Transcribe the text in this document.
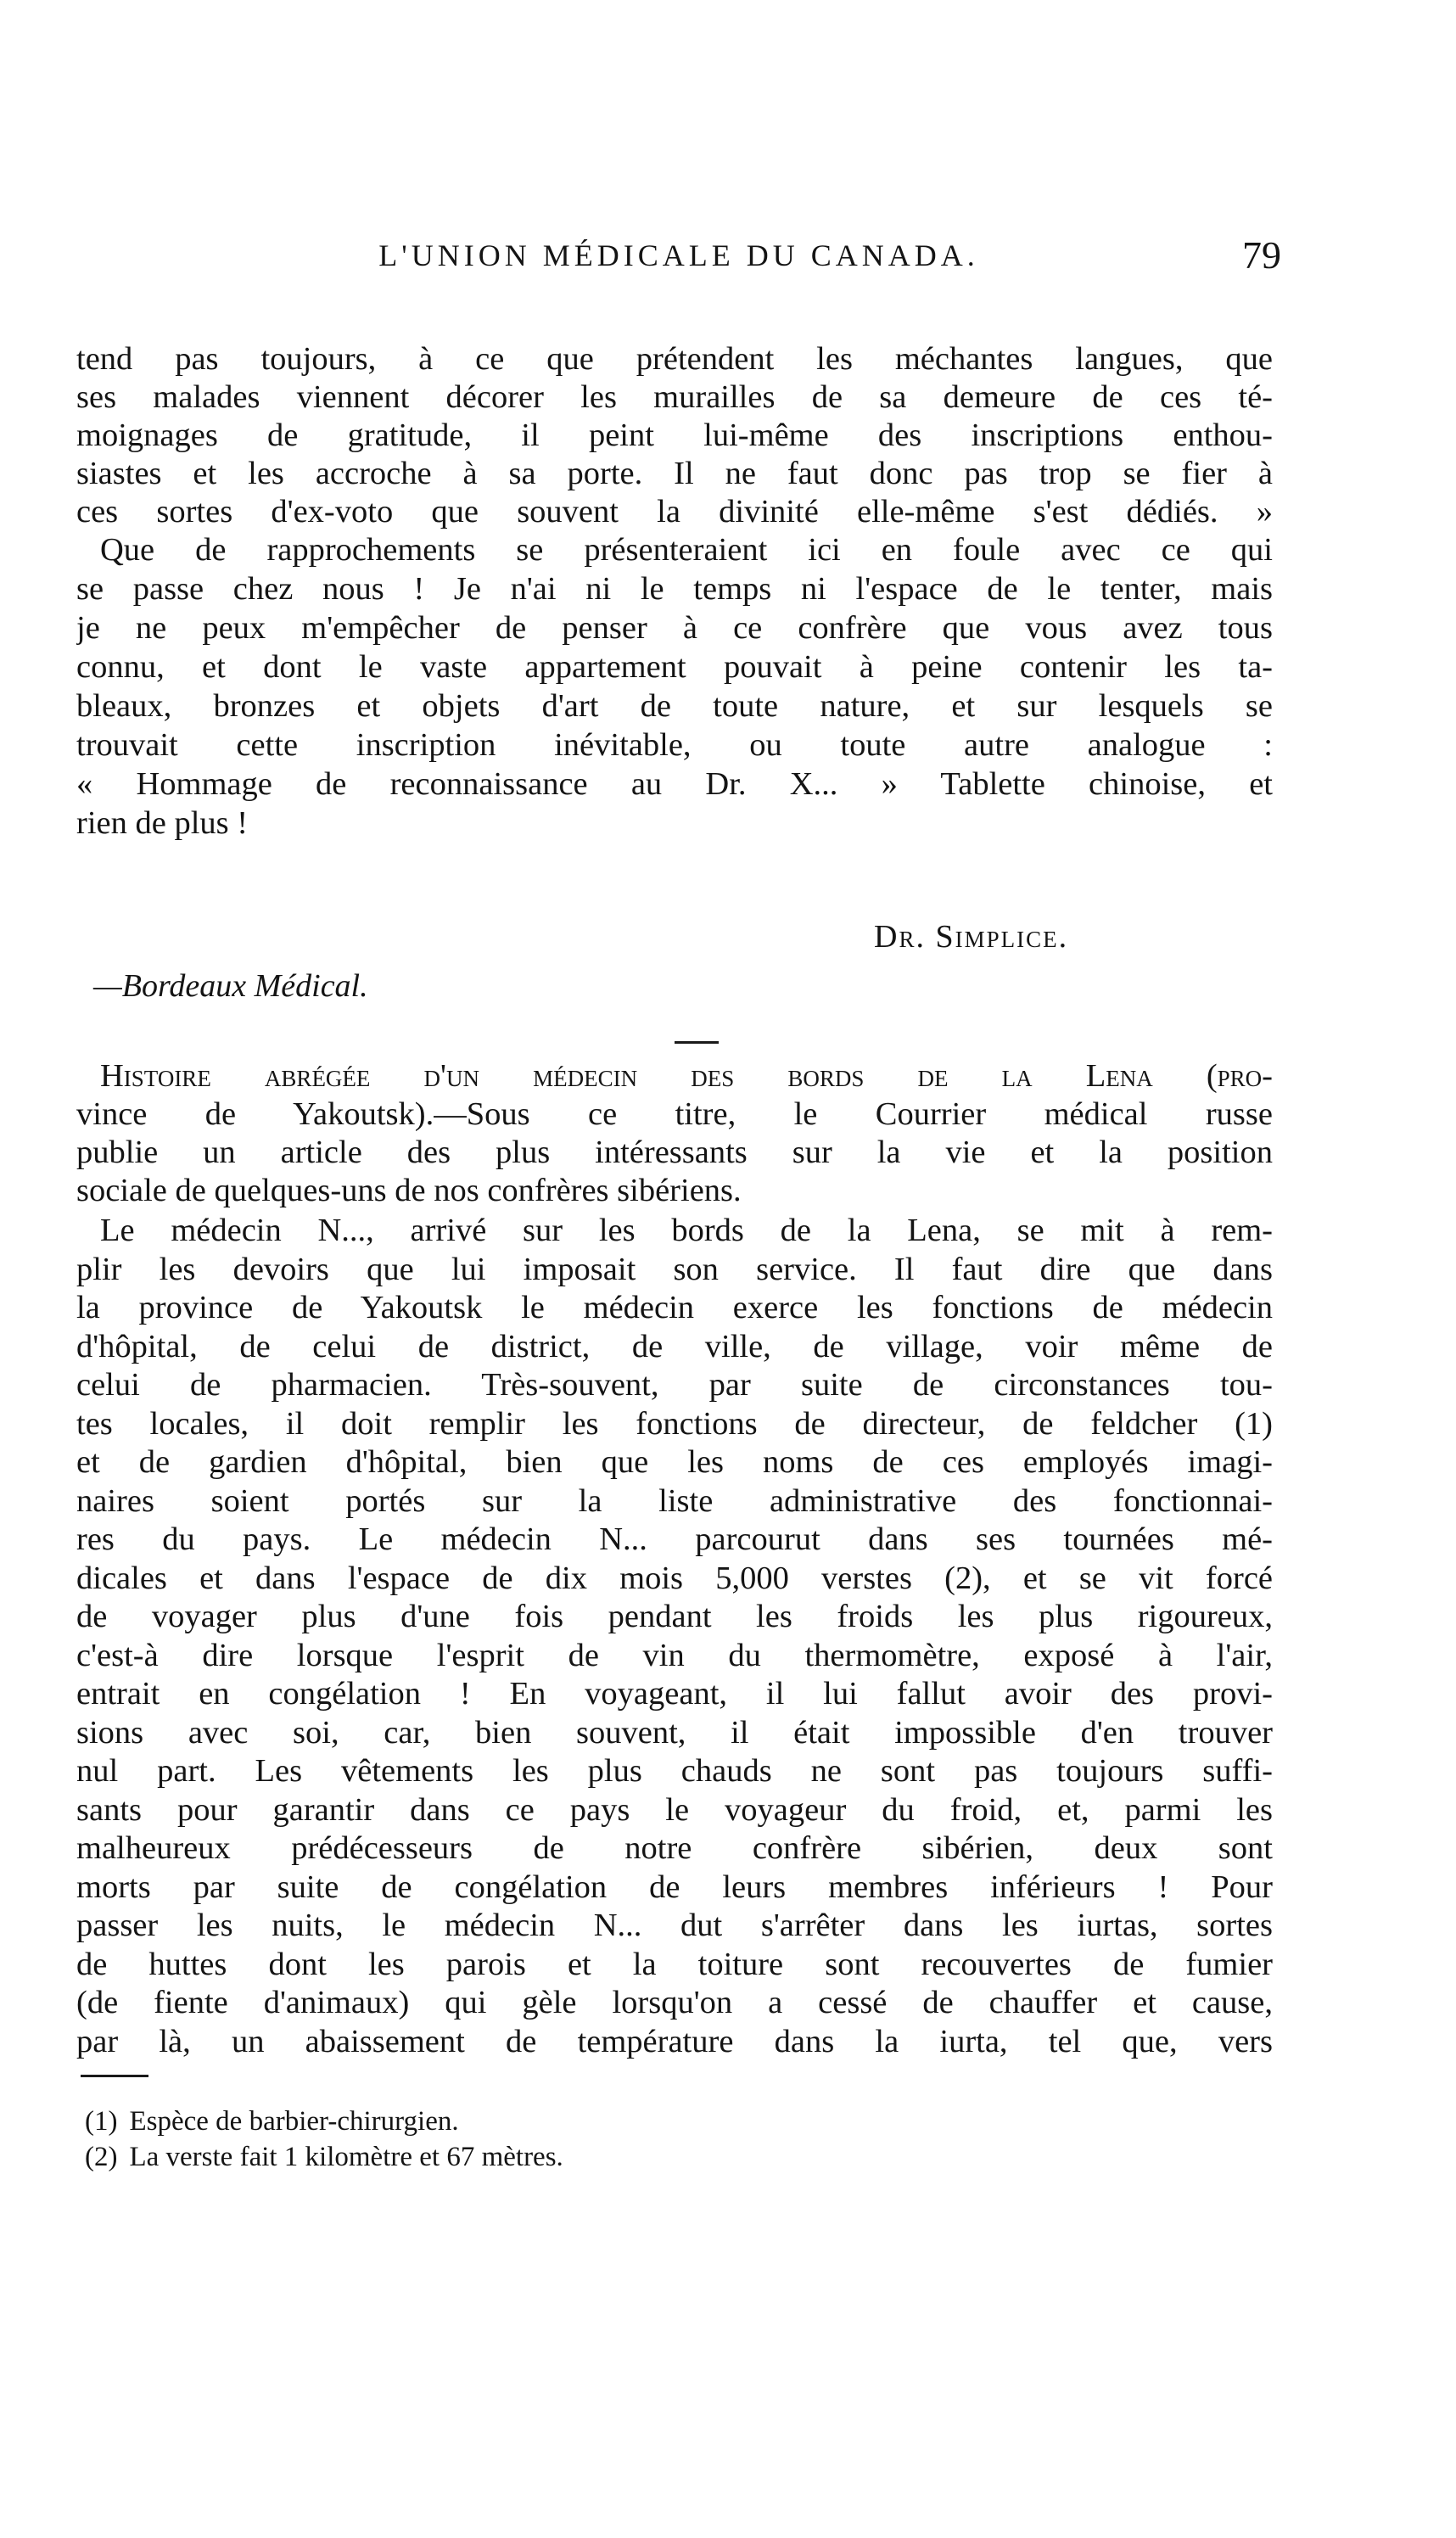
L'UNION MÉDICALE DU CANADA.	79
tend pas toujours, à ce que prétendent les méchantes langues, que
ses malades viennent décorer les murailles de sa demeure de ces té-
moignages de gratitude, il peint lui-même des inscriptions enthou-
siastes et les accroche à sa porte. Il ne faut donc pas trop se fier à
ces sortes d'ex-voto que souvent la divinité elle-même s'est dédiés. »
Que de rapprochements se présenteraient ici en foule avec ce qui
se passe chez nous ! Je n'ai ni le temps ni l'espace de le tenter, mais
je ne peux m'empêcher de penser à ce confrère que vous avez tous
connu, et dont le vaste appartement pouvait à peine contenir les ta-
bleaux, bronzes et objets d'art de toute nature, et sur lesquels se
trouvait cette inscription inévitable, ou toute autre analogue :
« Hommage de reconnaissance au Dr. X... » Tablette chinoise, et
rien de plus !
Dr. Simplice.
—Bordeaux Médical.
Histoire abrégée d'un médecin des bords de la Lena (pro-
vince de Yakoutsk).—Sous ce titre, le Courrier médical russe
publie un article des plus intéressants sur la vie et la position
sociale de quelques-uns de nos confrères sibériens.
Le médecin N..., arrivé sur les bords de la Lena, se mit à rem-
plir les devoirs que lui imposait son service. Il faut dire que dans
la province de Yakoutsk le médecin exerce les fonctions de médecin
d'hôpital, de celui de district, de ville, de village, voir même de
celui de pharmacien. Très-souvent, par suite de circonstances tou-
tes locales, il doit remplir les fonctions de directeur, de feldcher (1)
et de gardien d'hôpital, bien que les noms de ces employés imagi-
naires soient portés sur la liste administrative des fonctionnai-
res du pays. Le médecin N... parcourut dans ses tournées mé-
dicales et dans l'espace de dix mois 5,000 verstes (2), et se vit forcé
de voyager plus d'une fois pendant les froids les plus rigoureux,
c'est-à dire lorsque l'esprit de vin du thermomètre, exposé à l'air,
entrait en congélation ! En voyageant, il lui fallut avoir des provi-
sions avec soi, car, bien souvent, il était impossible d'en trouver
nul part. Les vêtements les plus chauds ne sont pas toujours suffi-
sants pour garantir dans ce pays le voyageur du froid, et, parmi les
malheureux prédécesseurs de notre confrère sibérien, deux sont
morts par suite de congélation de leurs membres inférieurs ! Pour
passer les nuits, le médecin N... dut s'arrêter dans les iurtas, sortes
de huttes dont les parois et la toiture sont recouvertes de fumier
(de fiente d'animaux) qui gèle lorsqu'on a cessé de chauffer et cause,
par là, un abaissement de température dans la iurta, tel que, vers
(1) Espèce de barbier-chirurgien.
(2) La verste fait 1 kilomètre et 67 mètres.
